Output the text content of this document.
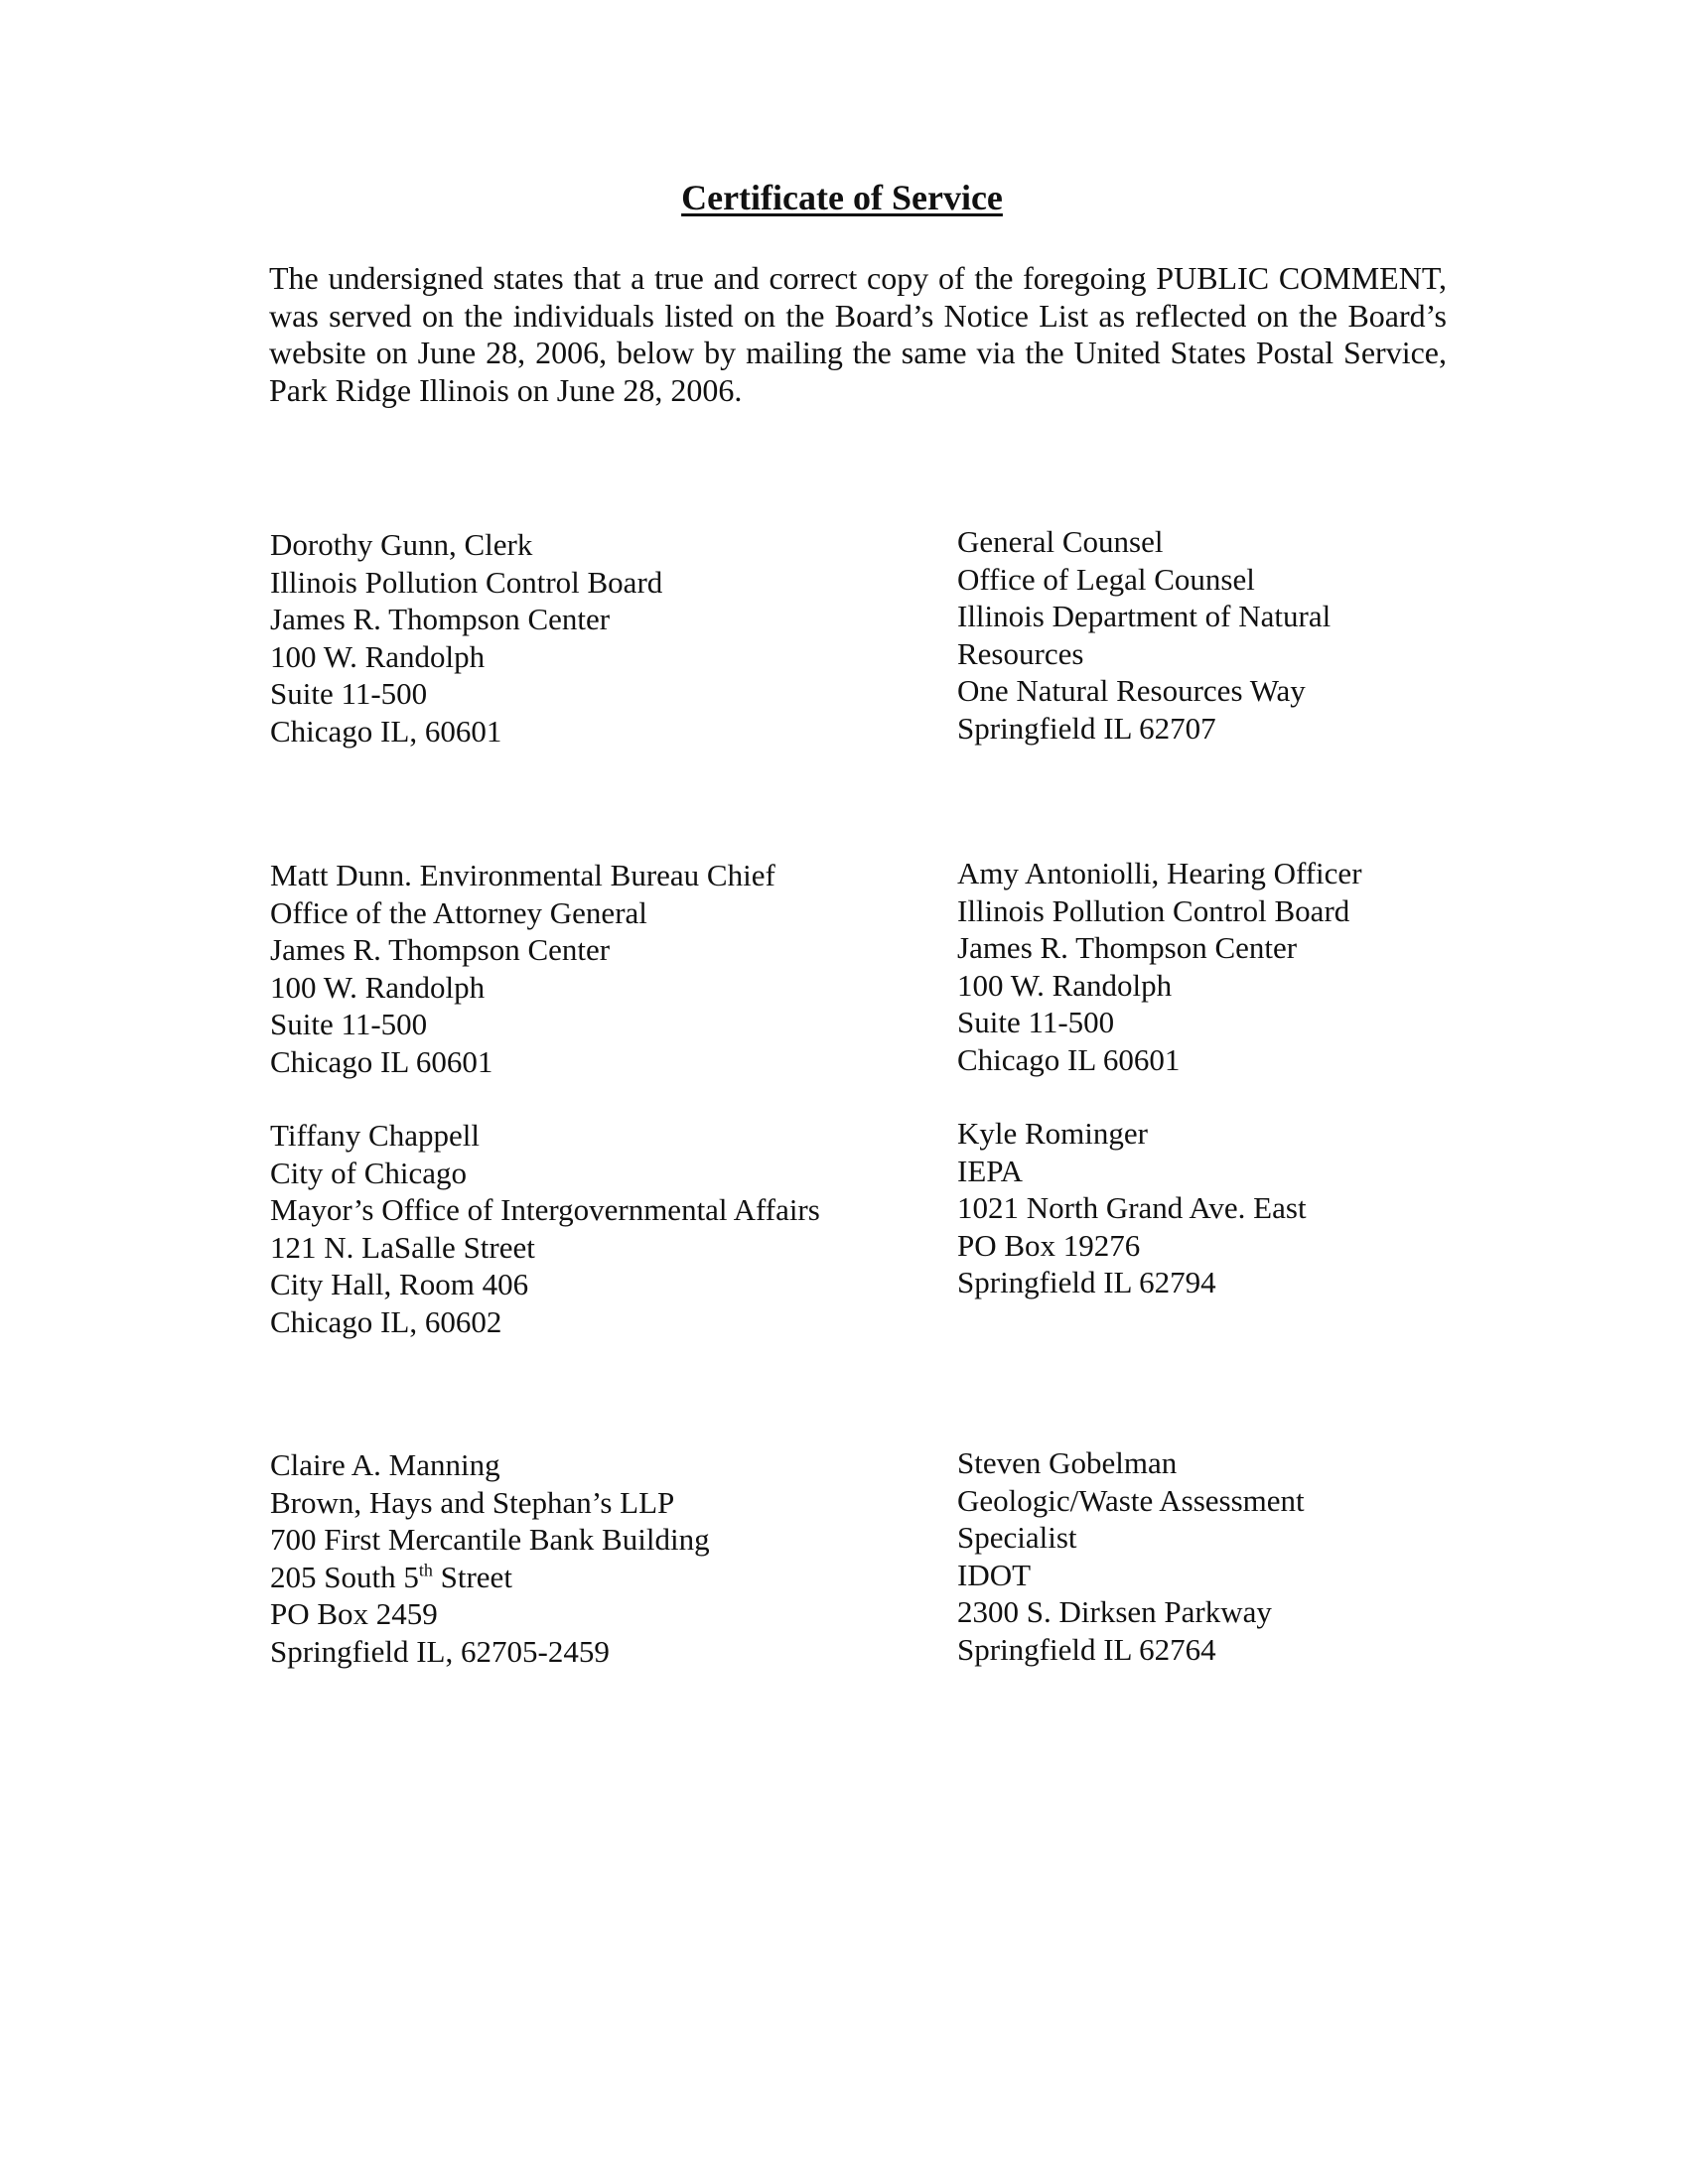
Certificate of Service

The undersigned states that a true and correct copy of the foregoing PUBLIC COMMENT, was served on the individuals listed on the Board’s Notice List as reflected on the Board’s website on June 28, 2006, below by mailing the same via the United States Postal Service, Park Ridge Illinois on June 28, 2006.

Dorothy Gunn, Clerk
Illinois Pollution Control Board
James R. Thompson Center
100 W. Randolph
Suite 11-500
Chicago IL, 60601
General Counsel
Office of Legal Counsel
Illinois Department of Natural
Resources
One Natural Resources Way
Springfield IL 62707
Matt Dunn. Environmental Bureau Chief
Office of the Attorney General
James R. Thompson Center
100 W. Randolph
Suite 11-500
Chicago IL 60601
Amy Antoniolli, Hearing Officer
Illinois Pollution Control Board
James R. Thompson Center
100 W. Randolph
Suite 11-500
Chicago IL 60601
Tiffany Chappell
City of Chicago
Mayor’s Office of Intergovernmental Affairs
121 N. LaSalle Street
City Hall, Room 406
Chicago IL, 60602
Kyle Rominger
IEPA
1021 North Grand Ave. East
PO Box 19276
Springfield IL 62794
Claire A. Manning
Brown, Hays and Stephan’s LLP
700 First Mercantile Bank Building
205 South 5th Street
PO Box 2459
Springfield IL, 62705-2459
Steven Gobelman
Geologic/Waste Assessment
Specialist
IDOT
2300 S. Dirksen Parkway
Springfield IL 62764
